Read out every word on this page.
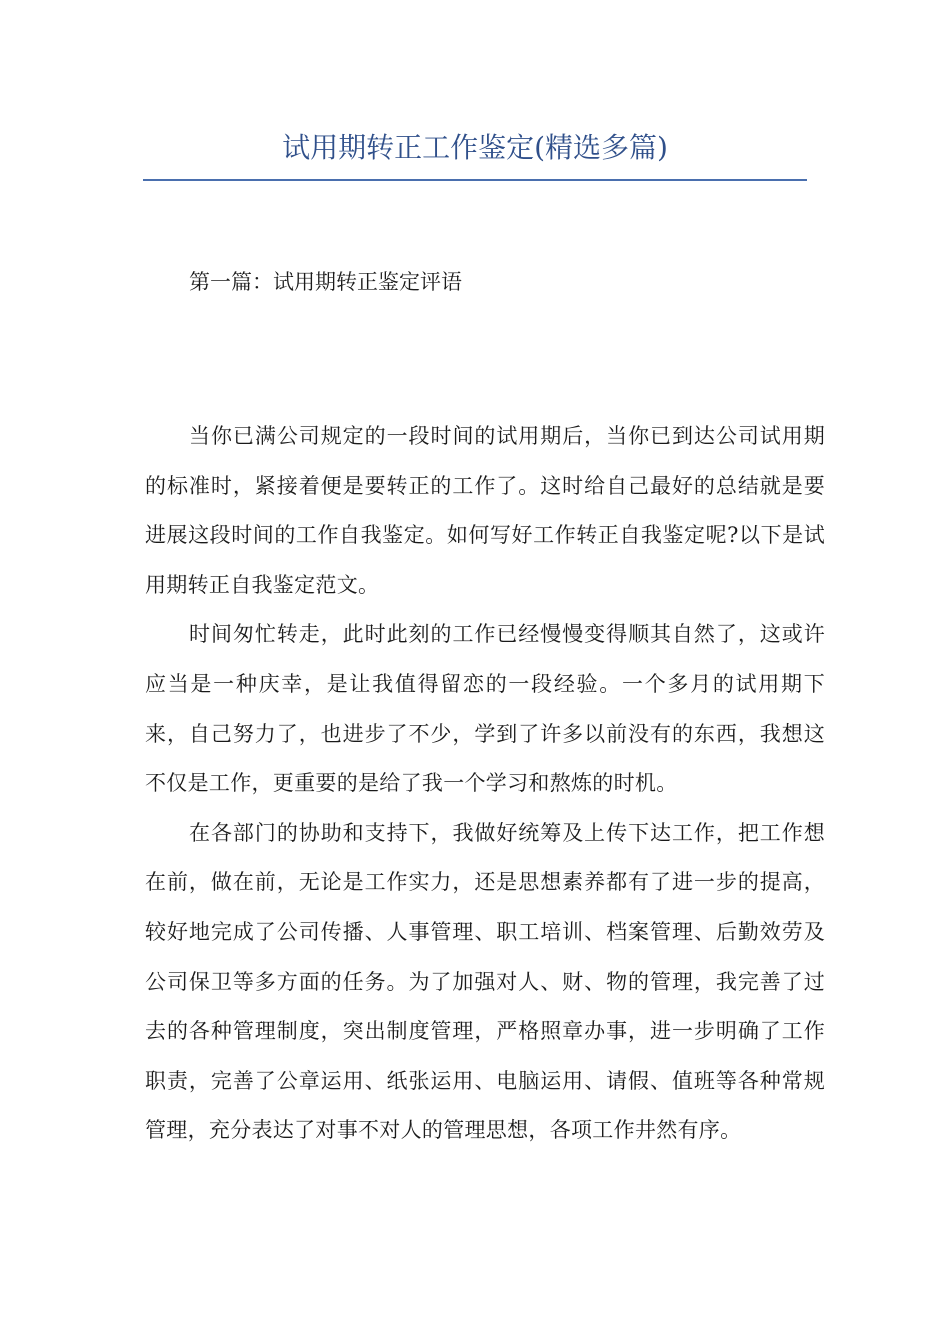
试用期转正工作鉴定(精选多篇)
第一篇：试用期转正鉴定评语

当你已满公司规定的一段时间的试用期后，当你已到达公司试用期的标准时，紧接着便是要转正的工作了。这时给自己最好的总结就是要进展这段时间的工作自我鉴定。如何写好工作转正自我鉴定呢?以下是试用期转正自我鉴定范文。

时间匆忙转走，此时此刻的工作已经慢慢变得顺其自然了，这或许应当是一种庆幸，是让我值得留恋的一段经验。一个多月的试用期下来，自己努力了，也进步了不少，学到了许多以前没有的东西，我想这不仅是工作，更重要的是给了我一个学习和熬炼的时机。

在各部门的协助和支持下，我做好统筹及上传下达工作，把工作想在前，做在前，无论是工作实力，还是思想素养都有了进一步的提高，较好地完成了公司传播、人事管理、职工培训、档案管理、后勤效劳及公司保卫等多方面的任务。为了加强对人、财、物的管理，我完善了过去的各种管理制度，突出制度管理，严格照章办事，进一步明确了工作职责，完善了公章运用、纸张运用、电脑运用、请假、值班等各种常规管理，充分表达了对事不对人的管理思想，各项工作井然有序。
